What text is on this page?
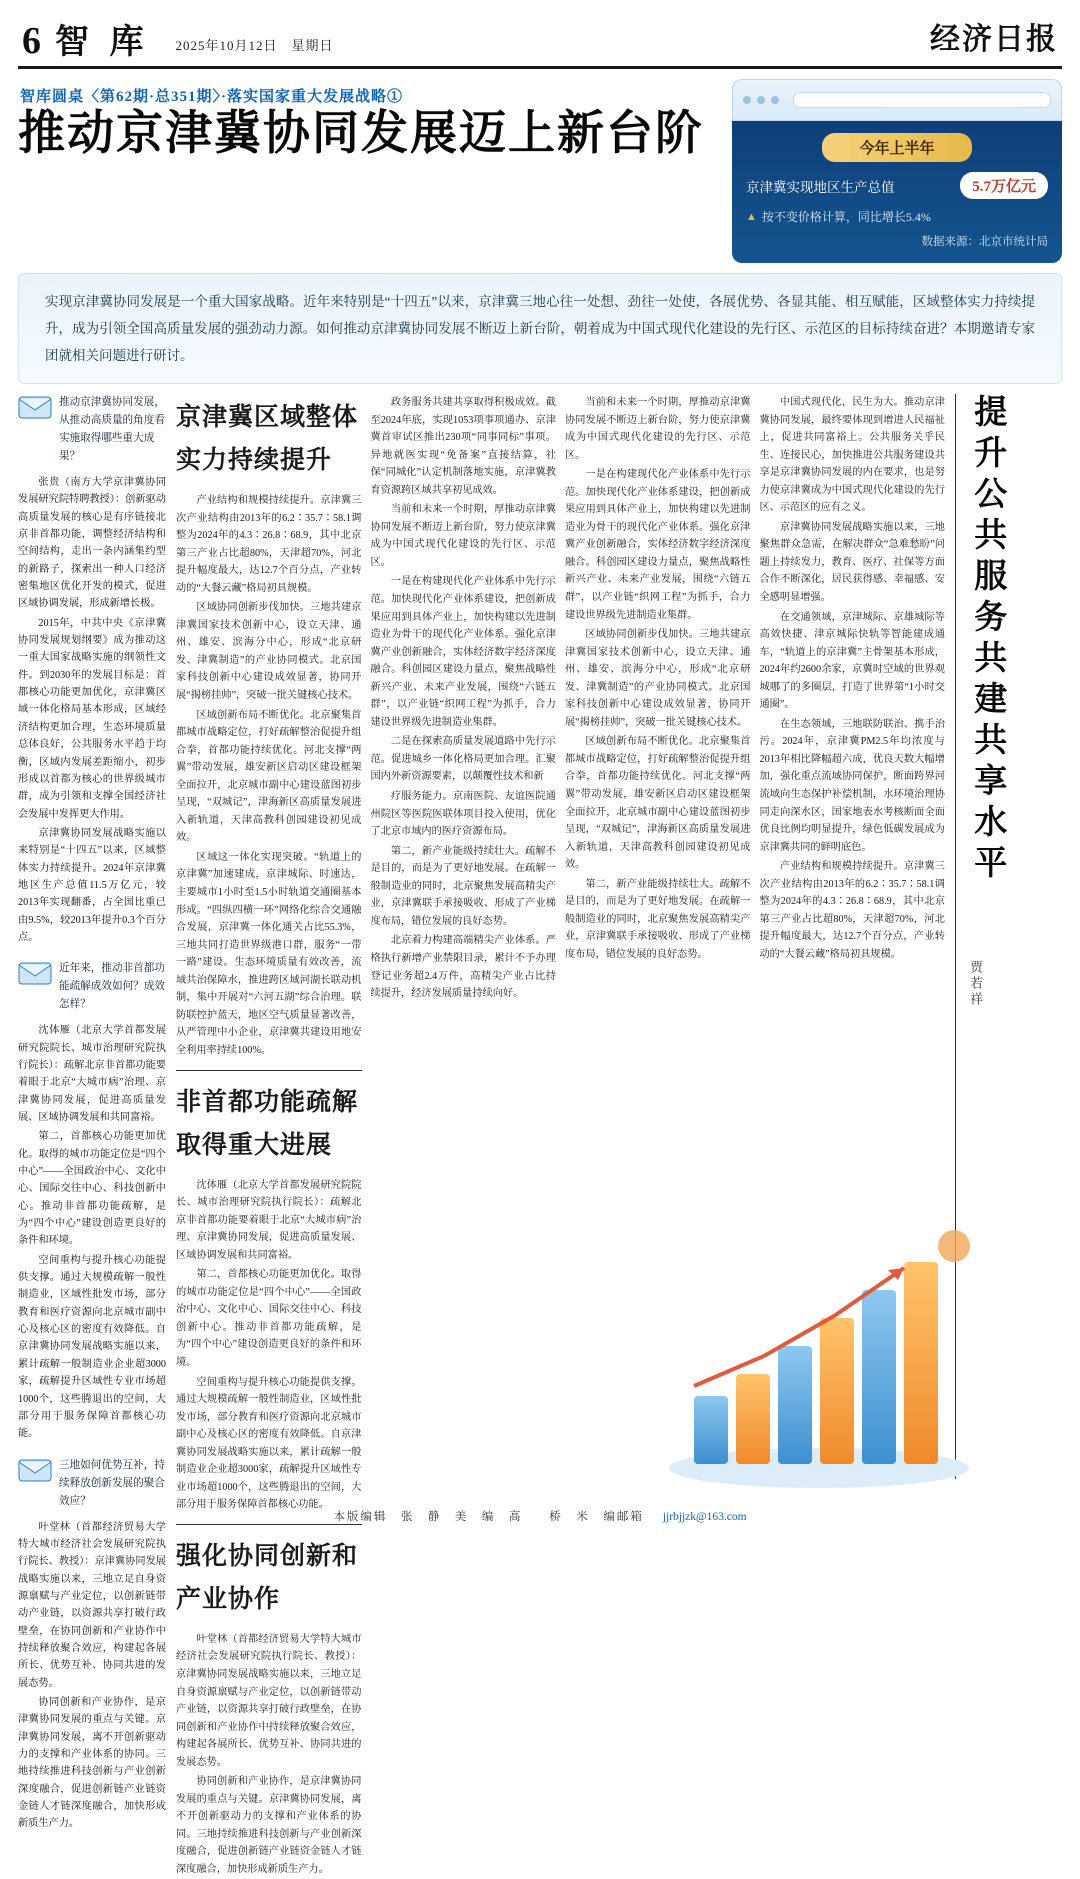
6 智 库 2025年10月12日　星期日	经济日报
智库圆桌〈第62期·总351期〉·落实国家重大发展战略①
推动京津冀协同发展迈上新台阶	今年上半年
京津冀实现地区生产总值	5.7万亿元
▲ 按不变价格计算，同比增长5.4%
数据来源：北京市统计局
实现京津冀协同发展是一个重大国家战略。近年来特别是“十四五”以来，京津冀三地心往一处想、劲往一处使，各展优势、各显其能、相互赋能，区域整体实力持续提升，成为引领全国高质量发展的强劲动力源。如何推动京津冀协同发展不断迈上新台阶，朝着成为中国式现代化建设的先行区、示范区的目标持续奋进？本期邀请专家团就相关问题进行研讨。
推动京津冀协同发展，从推动高质量的角度看实施取得哪些重大成果？

张贵（南方大学京津冀协同发展研究院特聘教授）：创新驱动高质量发展的核心是有序链接北京非首都功能，调整经济结构和空间结构，走出一条内涵集约型的新路子，探索出一种人口经济密集地区优化开发的模式，促进区域协调发展，形成新增长极。

2015年，中共中央《京津冀协同发展规划纲要》成为推动这一重大国家战略实施的纲领性文件。到2030年的发展目标是：首都核心功能更加优化，京津冀区域一体化格局基本形成，区域经济结构更加合理，生态环境质量总体良好，公共服务水平趋于均衡，区域内发展差距缩小，初步形成以首都为核心的世界级城市群，成为引领和支撑全国经济社会发展中发挥更大作用。

京津冀协同发展战略实施以来特别是“十四五”以来，区域整体实力持续提升。2024年京津冀地区生产总值11.5万亿元，较2013年实现翻番，占全国比重已由9.5%，较2013年提升0.3个百分点。

近年来，推动非首都功能疏解成效如何？成效怎样？

沈体雁（北京大学首都发展研究院院长、城市治理研究院执行院长）：疏解北京非首都功能要着眼于北京“大城市病”治理、京津冀协同发展，促进高质量发展、区域协调发展和共同富裕。

第二，首都核心功能更加优化。取得的城市功能定位是“四个中心”——全国政治中心、文化中心、国际交往中心、科技创新中心。推动非首都功能疏解，是为“四个中心”建设创造更良好的条件和环境。

空间重构与提升核心功能提供支撑。通过大规模疏解一般性制造业，区域性批发市场，部分教育和医疗资源向北京城市副中心及核心区的密度有效降低。自京津冀协同发展战略实施以来，累计疏解一般制造业企业超3000家，疏解提升区域性专业市场超1000个，这些腾退出的空间，大部分用于服务保障首都核心功能。

三地如何优势互补，持续释放创新发展的聚合效应？

叶堂林（首都经济贸易大学特大城市经济社会发展研究院执行院长、教授）：京津冀协同发展战略实施以来，三地立足自身资源禀赋与产业定位，以创新链带动产业链，以资源共享打破行政壁垒，在协同创新和产业协作中持续释放聚合效应，构建起各展所长、优势互补、协同共进的发展态势。

协同创新和产业协作，是京津冀协同发展的重点与关键。京津冀协同发展，离不开创新驱动力的支撑和产业体系的协同。三地持续推进科技创新与产业创新深度融合，促进创新链产业链资金链人才链深度融合，加快形成新质生产力。

京津冀区域整体实力持续提升

产业结构和规模持续提升。京津冀三次产业结构由2013年的6.2∶35.7∶58.1调整为2024年的4.3∶26.8∶68.9，其中北京第三产业占比超80%，天津超70%，河北提升幅度最大，达12.7个百分点，产业转动的“大餐云藏”格局初具规模。

区域协同创新步伐加快。三地共建京津冀国家技术创新中心，设立天津、通州、雄安、滨海分中心，形成“北京研发、津冀制造”的产业协同模式。北京国家科技创新中心建设成效显著，协同开展“揭榜挂帅”，突破一批关键核心技术。

区域创新布局不断优化。北京聚集首都城市战略定位，打好疏解整治促提升组合拳，首都功能持续优化。河北支撑“两翼”带动发展，雄安新区启动区建设框架全面拉开，北京城市副中心建设蓝图初步呈现，“双城记”，津海新区高质量发展进入新轨道，天津高教科创园建设初见成效。

区域这一体化实现突破。“轨道上的京津冀”加速建成，京津城际、时速达，主要城市1小时至1.5小时轨道交通圈基本形成。“四纵四横一环”网络化综合交通融合发展，京津冀一体化通关占比55.3%，三地共同打造世界级港口群，服务“一带一路”建设。生态环境质量有效改善，流域共治保障水，推进跨区域河湖长联动机制，集中开展对“六河五湖”综合治理。联防联控护蓝天，地区空气质量显著改善，从严管理中小企业，京津冀共建设用地安全利用率持续100%。

非首都功能疏解取得重大进展

沈体雁（北京大学首都发展研究院院长、城市治理研究院执行院长）：疏解北京非首都功能要着眼于北京“大城市病”治理、京津冀协同发展，促进高质量发展、区域协调发展和共同富裕。

第二，首都核心功能更加优化。取得的城市功能定位是“四个中心”——全国政治中心、文化中心、国际交往中心、科技创新中心。推动非首都功能疏解，是为“四个中心”建设创造更良好的条件和环境。

空间重构与提升核心功能提供支撑。通过大规模疏解一般性制造业，区域性批发市场，部分教育和医疗资源向北京城市副中心及核心区的密度有效降低。自京津冀协同发展战略实施以来，累计疏解一般制造业企业超3000家，疏解提升区域性专业市场超1000个，这些腾退出的空间，大部分用于服务保障首都核心功能。

强化协同创新和产业协作

叶堂林（首都经济贸易大学特大城市经济社会发展研究院执行院长、教授）：京津冀协同发展战略实施以来，三地立足自身资源禀赋与产业定位，以创新链带动产业链，以资源共享打破行政壁垒，在协同创新和产业协作中持续释放聚合效应，构建起各展所长、优势互补、协同共进的发展态势。

协同创新和产业协作，是京津冀协同发展的重点与关键。京津冀协同发展，离不开创新驱动力的支撑和产业体系的协同。三地持续推进科技创新与产业创新深度融合，促进创新链产业链资金链人才链深度融合，加快形成新质生产力。

政务服务共建共享取得积极成效。截至2024年底，实现1053项事项通办、京津冀首审试区推出230项“同事同标”事项。异地就医实现“免备案”直接结算，社保“同城化”认定机制落地实施，京津冀教育资源跨区域共享初见成效。

当前和未来一个时期，厚推动京津冀协同发展不断迈上新台阶，努力使京津冀成为中国式现代化建设的先行区、示范区。

一是在构建现代化产业体系中先行示范。加快现代化产业体系建设，把创新成果应用到具体产业上，加快构建以先进制造业为骨干的现代化产业体系。强化京津冀产业创新融合，实体经济数字经济深度融合。科创园区建设力量点，聚焦战略性新兴产业、未来产业发展，围绕“六链五群”，以产业链“织网工程”为抓手，合力建设世界级先进制造业集群。

二是在探索高质量发展道路中先行示范。促进城乡一体化格局更加合理。汇聚国内外新资源要素，以颠覆性技术和新

疗服务能力。京南医院、友谊医院通州院区等医院医联体项目投入使用，优化了北京市域内的医疗资源布局。

第二，新产业能级持续壮大。疏解不是目的，而是为了更好地发展。在疏解一般制造业的同时，北京聚焦发展高精尖产业，京津冀联手承接吸收、形成了产业梯度布局，错位发展的良好态势。

北京着力构建高端精尖产业体系。严格执行新增产业禁限目录，累计不予办理登记业务超2.4万件，高精尖产业占比持续提升，经济发展质量持续向好。

当前和未来一个时期，厚推动京津冀协同发展不断迈上新台阶，努力使京津冀成为中国式现代化建设的先行区、示范区。

一是在构建现代化产业体系中先行示范。加快现代化产业体系建设，把创新成果应用到具体产业上，加快构建以先进制造业为骨干的现代化产业体系。强化京津冀产业创新融合，实体经济数字经济深度融合。科创园区建设力量点，聚焦战略性新兴产业、未来产业发展，围绕“六链五群”，以产业链“织网工程”为抓手，合力建设世界级先进制造业集群。

区域协同创新步伐加快。三地共建京津冀国家技术创新中心，设立天津、通州、雄安、滨海分中心，形成“北京研发、津冀制造”的产业协同模式。北京国家科技创新中心建设成效显著，协同开展“揭榜挂帅”，突破一批关键核心技术。

区域创新布局不断优化。北京聚集首都城市战略定位，打好疏解整治促提升组合拳，首都功能持续优化。河北支撑“两翼”带动发展，雄安新区启动区建设框架全面拉开，北京城市副中心建设蓝图初步呈现，“双城记”，津海新区高质量发展进入新轨道，天津高教科创园建设初见成效。

第二，新产业能级持续壮大。疏解不是目的，而是为了更好地发展。在疏解一般制造业的同时，北京聚焦发展高精尖产业，京津冀联手承接吸收、形成了产业梯度布局，错位发展的良好态势。

中国式现代化，民生为大。推动京津冀协同发展，最终要体现到增进人民福祉上，促进共同富裕上。公共服务关乎民生、连接民心，加快推进公共服务建设共享是京津冀协同发展的内在要求，也是努力使京津冀成为中国式现代化建设的先行区、示范区的应有之义。

京津冀协同发展战略实施以来，三地聚焦群众急需，在解决群众“急难愁盼”问题上持续发力，教育、医疗、社保等方面合作不断深化，居民获得感、幸福感、安全感明显增强。

在交通领域，京津城际、京雄城际等高效快捷、津京城际快轨等智能建成通车，“轨道上的京津冀”主骨架基本形成，2024年约2600余家，京冀时空域的世界观城哪了的多圈层，打造了世界第“1小时交通圈”。

在生态领域，三地联防联治、携手治污。2024年，京津冀PM2.5年均浓度与2013年相比降幅超六成，优良天数大幅增加，强化重点流域协同保护，断面跨界河流域向生态保护补偿机制，水环境治理协同走向深水区，国家地表水考核断面全面优良比例均明显提升，绿色低碳发展成为京津冀共同的鲜明底色。

产业结构和规模持续提升。京津冀三次产业结构由2013年的6.2∶35.7∶58.1调整为2024年的4.3∶26.8∶68.9，其中北京第三产业占比超80%，天津超70%，河北提升幅度最大，达12.7个百分点，产业转动的“大餐云藏”格局初具规模。

提升公共服务共建共享水平
贾若祥
本版编辑　张　静　美　编　高　　桥　米　编邮箱 jjrbjjzk@163.com
